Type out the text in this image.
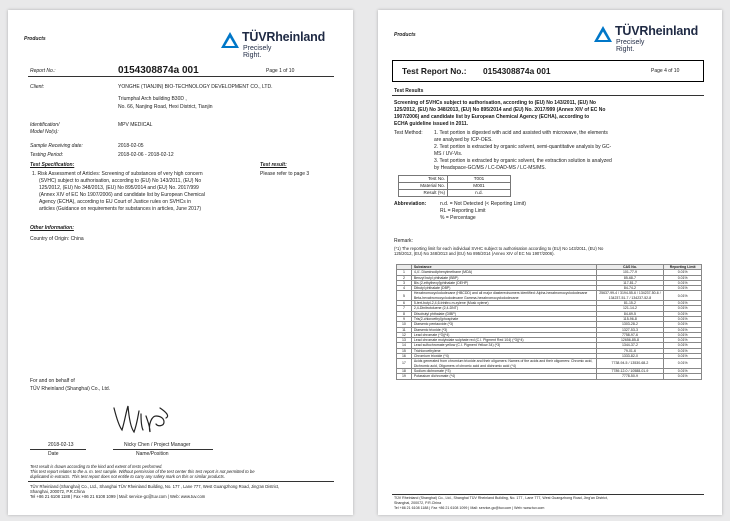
Products	TÜVRheinland
Precisely Right.
Report No.:	0154308874a 001	Page 1 of 10
Client:	YONGHE (TIANJIN) BIO-TECHNOLOGY DEVELOPMENT CO., LTD.
Triumphal Arch building B30D ,
No. 66, Nanjing Road, Hexi District, Tianjin
Identification/
Model No(s):
MPV MEDICAL
Sample Receiving date:	2018-02-05
Testing Period:	2018-02-06 - 2018-02-12
Test Specification:	Test result:
1. Risk Assessment of Articles: Screening of substances of very high concern
(SVHC) subject to authorisation, according to (EU) No 143/2011, (EU) No
125/2012, (EU) No 348/2013, (EU) No 895/2014 and (EU) No. 2017/999
(Annex XIV of EC No 1907/2006) and candidate list by European Chemical
Agency (ECHA), according to EU Court of Justice rules on SVHCs in
articles (Guidance on requirements for substances in articles, June 2017)
Please refer to page 3
Other Information:
Country of Origin: China
For and on behalf of
TÜV Rheinland (Shanghai) Co., Ltd.
2018-02-13	Nicky Chen / Project Manager
Date	Name/Position
Test result is drawn according to the kind and extent of tests performed.
This test report relates to the a. m. test sample. Without permission of the test center this test report is not permitted to be
duplicated in extracts. This test report does not entitle to carry any safety mark on this or similar products.
TÜV Rheinland (Shanghai) Co., Ltd., Shanghai TÜV Rheinland Building, No. 177 , Lane 777, West Guangzhong Road, Jing'an District,
Shanghai, 200072, P.R.China
Tel +86 21 6108 1188 | Fax +86 21 6108 1099 | Mail: service-gc@tuv.com | Web: www.tuv.com
Products	TÜVRheinland
Precisely Right.
Test Report No.: 0154308874a 001	Page 4 of 10
Test Results
Screening of SVHCs subject to authorisation, according to (EU) No 143/2011, (EU) No
125/2012, (EU) No 348/2013, (EU) No 895/2014 and (EU) No. 2017/999 (Annex XIV of EC No
1907/2006) and candidate list by European Chemical Agency (ECHA), according to
ECHA guideline issued in 2011.
Test Method: 1. Test portion is digested with acid and assisted with microwave, the elements
are analysed by ICP-OES.
2. Test portion is extracted by organic solvent, semi-quantitative analysis by GC-
MS / UV-Vis.
3. Test portion is extracted by organic solvent, the extraction solution is analyzed
by Headspace-GC/MS / LC-DAD-MS / LC-MS/MS.
Test No.	T001
Material No.	M001
Result (%)	n.d.
Abbreviation:	n.d. = Not Detected (< Reporting Limit)
RL = Reporting Limit
% = Percentage
Remark:
(*1) The reporting limit for each individual SVHC subject to authorisation according to (EU) No 143/2011, (EU) No
125/2012, (EU) No 348/2013 and (EU) No 895/2014 (Annex XIV of EC No 1907/2006).
	Substance	CAS No.	Reporting Limit
1	4,4'- Diaminodiphenylmethane (MDA)	101-77-9	0.01%
2	Benzyl butyl phthalate (BBP)	85-68-7	0.01%
3	Bis (2-ethylhexyl)phthalate (DEHP)	117-81-7	0.01%
4	Dibutyl phthalate (DBP)	84-74-2	0.01%
5	Hexabromocyclododecane (HBCDD) and all major diastereoisomers identified: Alpha-hexabromocyclododecane Beta-hexabromocyclododecane Gamma-hexabromocyclododecane	25637-99-4 / 3194-55-6 / 134237-50-6 / 134237-51-7 / 134237-52-8	0.01%
6	5-tert-butyl-2,4,6-trinitro-m-xylene (Musk xylene)	81-15-2	0.01%
7	2,4-Dinitrotoluene (2,4-DNT)	121-14-2	0.01%
8	Diisobutyl phthalate (DIBP)	84-69-5	0.01%
9	Tris(2-chloroethyl)phosphate	115-96-8	0.01%
10	Diarsenic pentaoxide (*3)	1303-28-2	0.01%
11	Diarsenic trioxide (*3)	1327-53-3	0.01%
12	Lead chromate (*3)(*4)	7758-97-6	0.01%
13	Lead chromate molybdate sulphate red (C.I. Pigment Red 104) (*3)(*4)	12656-85-8	0.01%
14	Lead sulfochromate yellow (C.I. Pigment Yellow 34) (*3)	1344-37-2	0.01%
15	Trichloroethylene	79-01-6	0.01%
16	Chromium trioxide (*4)	1333-82-0	0.01%
17	Acids generated from chromium trioxide and their oligomers: Names of the acids and their oligomers: Chromic acid, Dichromic acid, Oligomers of chromic acid and dichromic acid (*4)	7738-94-5 / 13530-68-2	0.01%
18	Sodium dichromate (*3)	7789-12-0 / 10588-01-9	0.01%
19	Potassium dichromate (*4)	7778-50-9	0.01%
TÜV Rheinland (Shanghai) Co., Ltd., Shanghai TÜV Rheinland Building, No. 177 , Lane 777, West Guangzhong Road, Jing'an District,
Shanghai, 200072, P.R.China
Tel +86 21 6108 1188 | Fax +86 21 6108 1099 | Mail: service-gc@tuv.com | Web: www.tuv.com
